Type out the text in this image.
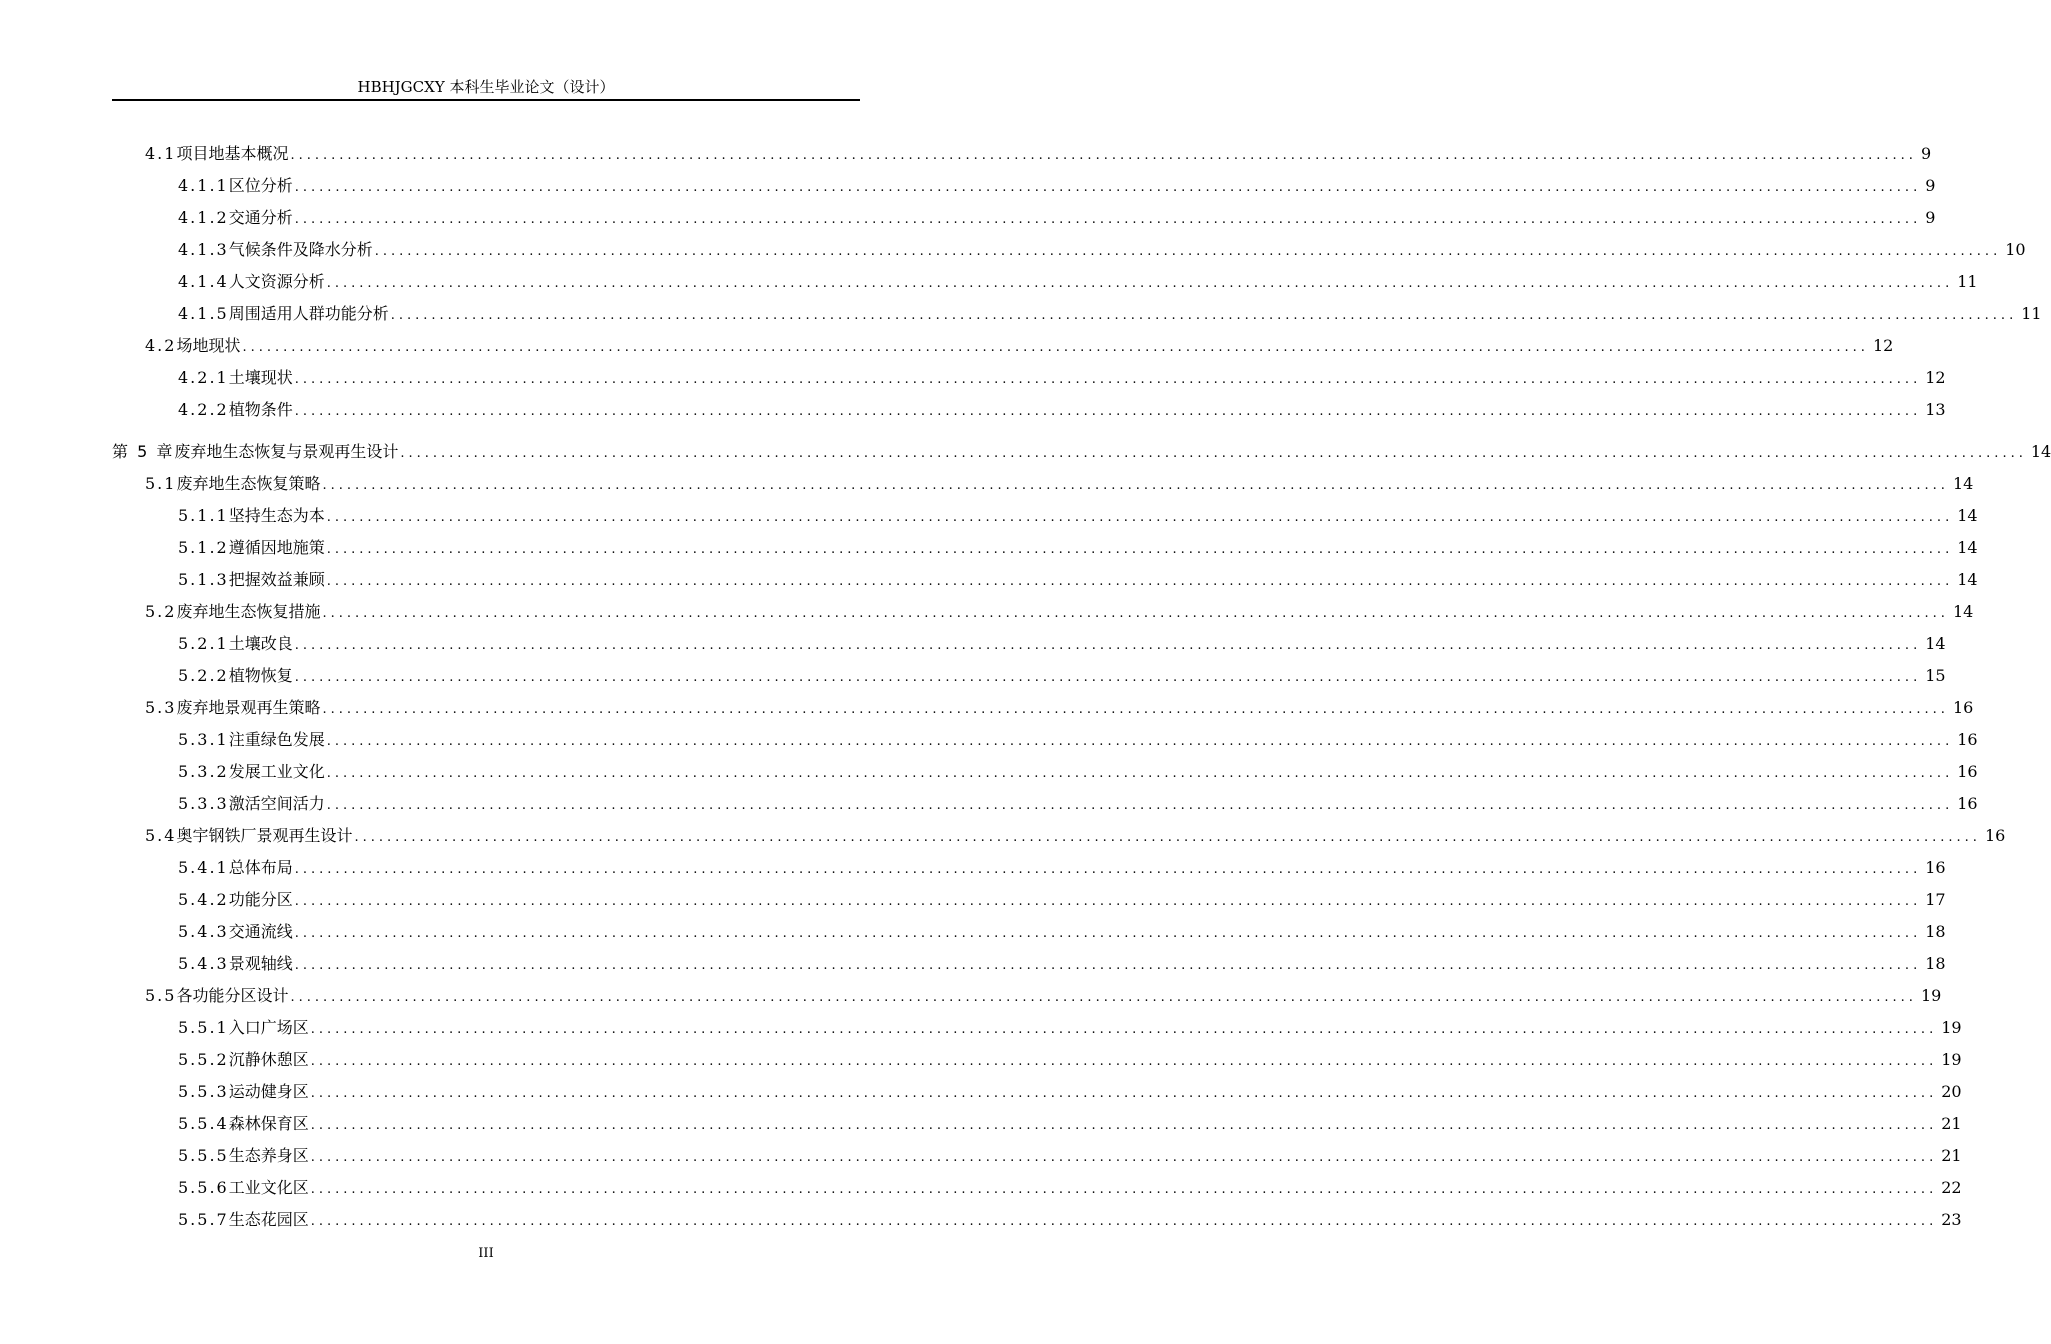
HBHJGCXY 本科生毕业论文（设计）
4.1 项目地基本概况 ........................................................................................................................................................................................................ 9
4.1.1 区位分析 ........................................................................................................................................................................................................ 9
4.1.2 交通分析 ........................................................................................................................................................................................................ 9
4.1.3 气候条件及降水分析 ........................................................................................................................................................................................................ 10
4.1.4 人文资源分析 ........................................................................................................................................................................................................ 11
4.1.5 周围适用人群功能分析 ........................................................................................................................................................................................................ 11
4.2 场地现状 ........................................................................................................................................................................................................ 12
4.2.1 土壤现状 ........................................................................................................................................................................................................ 12
4.2.2 植物条件 ........................................................................................................................................................................................................ 13
第 5 章 废弃地生态恢复与景观再生设计 ........................................................................................................................................................................................................ 14
5.1 废弃地生态恢复策略 ........................................................................................................................................................................................................ 14
5.1.1 坚持生态为本 ........................................................................................................................................................................................................ 14
5.1.2 遵循因地施策 ........................................................................................................................................................................................................ 14
5.1.3 把握效益兼顾 ........................................................................................................................................................................................................ 14
5.2 废弃地生态恢复措施 ........................................................................................................................................................................................................ 14
5.2.1 土壤改良 ........................................................................................................................................................................................................ 14
5.2.2 植物恢复 ........................................................................................................................................................................................................ 15
5.3 废弃地景观再生策略 ........................................................................................................................................................................................................ 16
5.3.1 注重绿色发展 ........................................................................................................................................................................................................ 16
5.3.2 发展工业文化 ........................................................................................................................................................................................................ 16
5.3.3 激活空间活力 ........................................................................................................................................................................................................ 16
5.4 奥宇钢铁厂景观再生设计 ........................................................................................................................................................................................................ 16
5.4.1 总体布局 ........................................................................................................................................................................................................ 16
5.4.2 功能分区 ........................................................................................................................................................................................................ 17
5.4.3 交通流线 ........................................................................................................................................................................................................ 18
5.4.3 景观轴线 ........................................................................................................................................................................................................ 18
5.5 各功能分区设计 ........................................................................................................................................................................................................ 19
5.5.1 入口广场区 ........................................................................................................................................................................................................ 19
5.5.2 沉静休憩区 ........................................................................................................................................................................................................ 19
5.5.3 运动健身区 ........................................................................................................................................................................................................ 20
5.5.4 森林保育区 ........................................................................................................................................................................................................ 21
5.5.5 生态养身区 ........................................................................................................................................................................................................ 21
5.5.6 工业文化区 ........................................................................................................................................................................................................ 22
5.5.7 生态花园区 ........................................................................................................................................................................................................ 23
III
